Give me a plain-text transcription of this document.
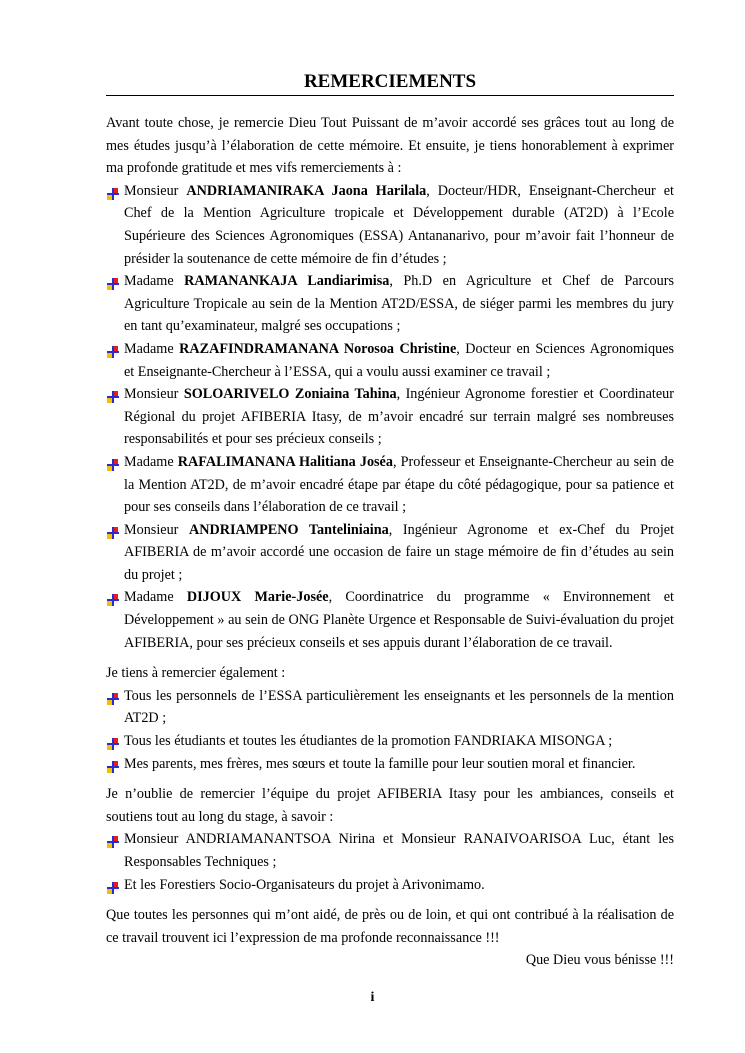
REMERCIEMENTS

Avant toute chose, je remercie Dieu Tout Puissant de m’avoir accordé ses grâces tout au long de mes études jusqu’à l’élaboration de cette mémoire. Et ensuite, je tiens honorablement à exprimer ma profonde gratitude et mes vifs remerciements à :

Monsieur ANDRIAMANIRAKA Jaona Harilala, Docteur/HDR, Enseignant-Chercheur et Chef de la Mention Agriculture tropicale et Développement durable (AT2D) à l’Ecole Supérieure des Sciences Agronomiques (ESSA) Antananarivo, pour m’avoir fait l’honneur de présider la soutenance de cette mémoire de fin d’études ;
Madame RAMANANKAJA Landiarimisa, Ph.D en Agriculture et Chef de Parcours Agriculture Tropicale au sein de la Mention AT2D/ESSA, de siéger parmi les membres du jury en tant qu’examinateur, malgré ses occupations ;
Madame RAZAFINDRAMANANA Norosoa Christine, Docteur en Sciences Agronomiques et Enseignante-Chercheur à l’ESSA, qui a voulu aussi examiner ce travail ;
Monsieur SOLOARIVELO Zoniaina Tahina, Ingénieur Agronome forestier et Coordinateur Régional du projet AFIBERIA Itasy, de m’avoir encadré sur terrain malgré ses nombreuses responsabilités et pour ses précieux conseils ;
Madame RAFALIMANANA Halitiana Joséa, Professeur et Enseignante-Chercheur au sein de la Mention AT2D, de m’avoir encadré étape par étape du côté pédagogique, pour sa patience et pour ses conseils dans l’élaboration de ce travail ;
Monsieur ANDRIAMPENO Tanteliniaina, Ingénieur Agronome et ex-Chef du Projet AFIBERIA de m’avoir accordé une occasion de faire un stage mémoire de fin d’études au sein du projet ;
Madame DIJOUX Marie-Josée, Coordinatrice du programme « Environnement et Développement » au sein de ONG Planète Urgence et Responsable de Suivi-évaluation du projet AFIBERIA, pour ses précieux conseils et ses appuis durant l’élaboration de ce travail.

Je tiens à remercier également :

Tous les personnels de l’ESSA particulièrement les enseignants et les personnels de la mention AT2D ;
Tous les étudiants et toutes les étudiantes de la promotion FANDRIAKA MISONGA ;
Mes parents, mes frères, mes sœurs et toute la famille pour leur soutien moral et financier.

Je n’oublie de remercier l’équipe du projet AFIBERIA Itasy pour les ambiances, conseils et soutiens tout au long du stage, à savoir :

Monsieur ANDRIAMANANTSOA Nirina et Monsieur RANAIVOARISOA Luc, étant les Responsables Techniques ;
Et les Forestiers Socio-Organisateurs du projet à Arivonimamo.

Que toutes les personnes qui m’ont aidé, de près ou de loin, et qui ont contribué à la réalisation de ce travail trouvent ici l’expression de ma profonde reconnaissance !!!

Que Dieu vous bénisse !!!

i
